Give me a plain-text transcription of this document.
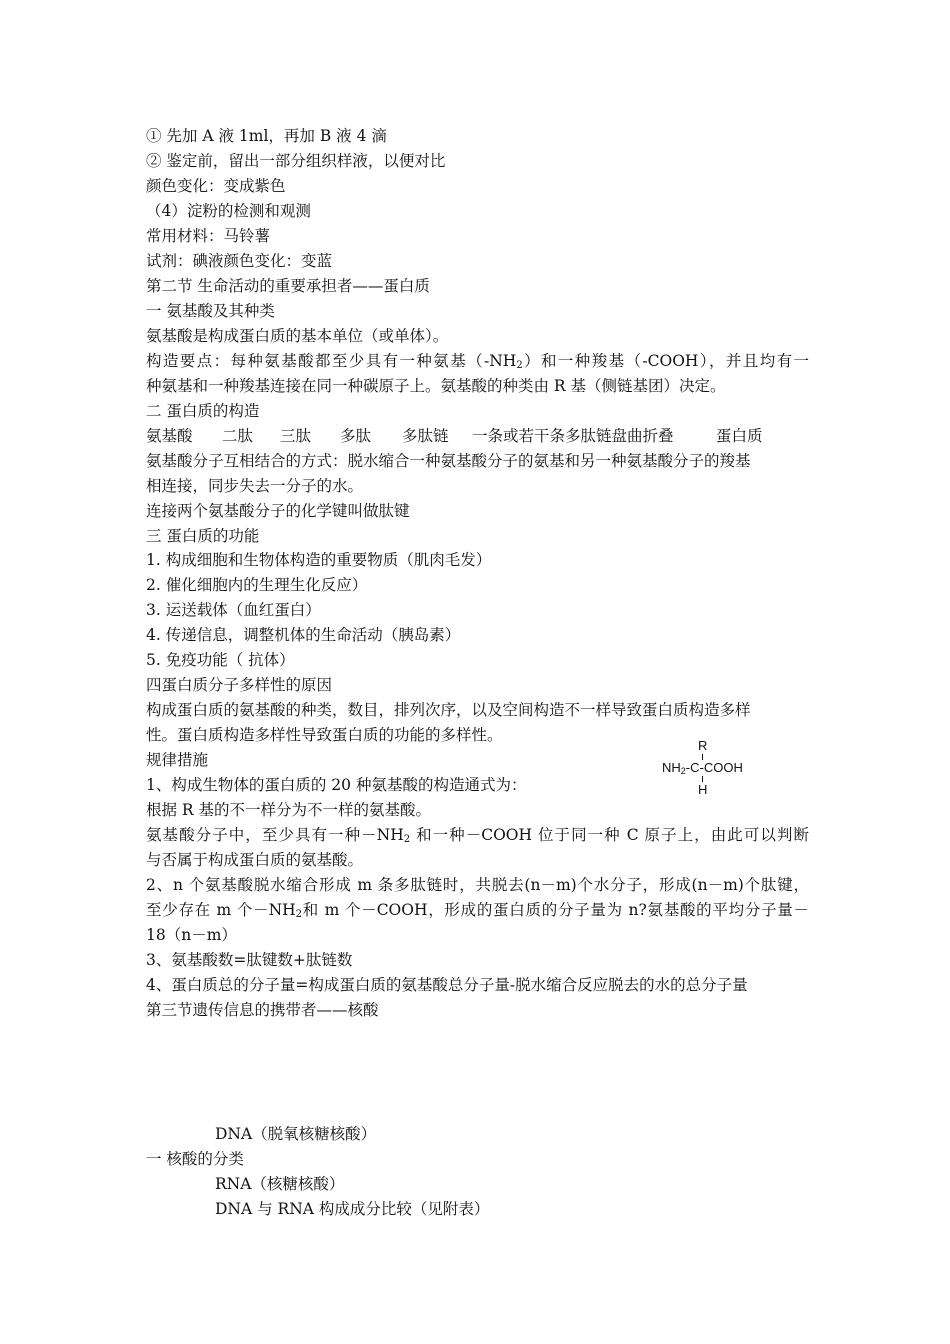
① 先加 A 液 1ml，再加 B 液 4 滴
② 鉴定前，留出一部分组织样液，以便对比
颜色变化：变成紫色
（4）淀粉的检测和观测
常用材料：马铃薯
试剂：碘液颜色变化：变蓝
第二节 生命活动的重要承担者——蛋白质
一 氨基酸及其种类
氨基酸是构成蛋白质的基本单位（或单体）。
构造要点：每种氨基酸都至少具有一种氨基$(-NH_2)$和一种羧基（-COOH），并且均有一
种氨基和一种羧基连接在同一种碳原子上。氨基酸的种类由 R 基（侧链基团）决定。
二 蛋白质的构造
氨基酸 二肽 三肽 多肽 多肽链 一条或若干条多肽链盘曲折叠	蛋白质
氨基酸分子互相结合的方式：脱水缩合一种氨基酸分子的氨基和另一种氨基酸分子的羧基
相连接，同步失去一分子的水。
连接两个氨基酸分子的化学键叫做肽键
三 蛋白质的功能
1. 构成细胞和生物体构造的重要物质（肌肉毛发）
2. 催化细胞内的生理生化反应）
3. 运送载体（血红蛋白）
4. 传递信息，调整机体的生命活动（胰岛素）
5. 免疫功能（ 抗体）
四蛋白质分子多样性的原因
构成蛋白质的氨基酸的种类，数目，排列次序，以及空间构造不一样导致蛋白质构造多样
性。蛋白质构造多样性导致蛋白质的功能的多样性。
规律措施
1、构成生物体的蛋白质的 20 种氨基酸的构造通式为：
根据 R 基的不一样分为不一样的氨基酸。
氨基酸分子中，至少具有一种$-NH_2$ 和一种－COOH 位于同一种 C 原子上，由此可以判断
与否属于构成蛋白质的氨基酸。
2、n 个氨基酸脱水缩合形成 m 条多肽链时，共脱去(n－m)个水分子，形成(n－m)个肽键，
至少存在 m 个$-NH_2$和 m 个－COOH，形成的蛋白质的分子量为 n?氨基酸的平均分子量－
18（n－m）
3、氨基酸数=肽键数+肽链数
4、蛋白质总的分子量=构成蛋白质的氨基酸总分子量-脱水缩合反应脱去的水的总分子量
第三节遗传信息的携带者——核酸
DNA（脱氧核糖核酸）
一 核酸的分类
RNA（核糖核酸）
DNA 与 RNA 构成成分比较（见附表）
R
NH2-C-COOH
H
